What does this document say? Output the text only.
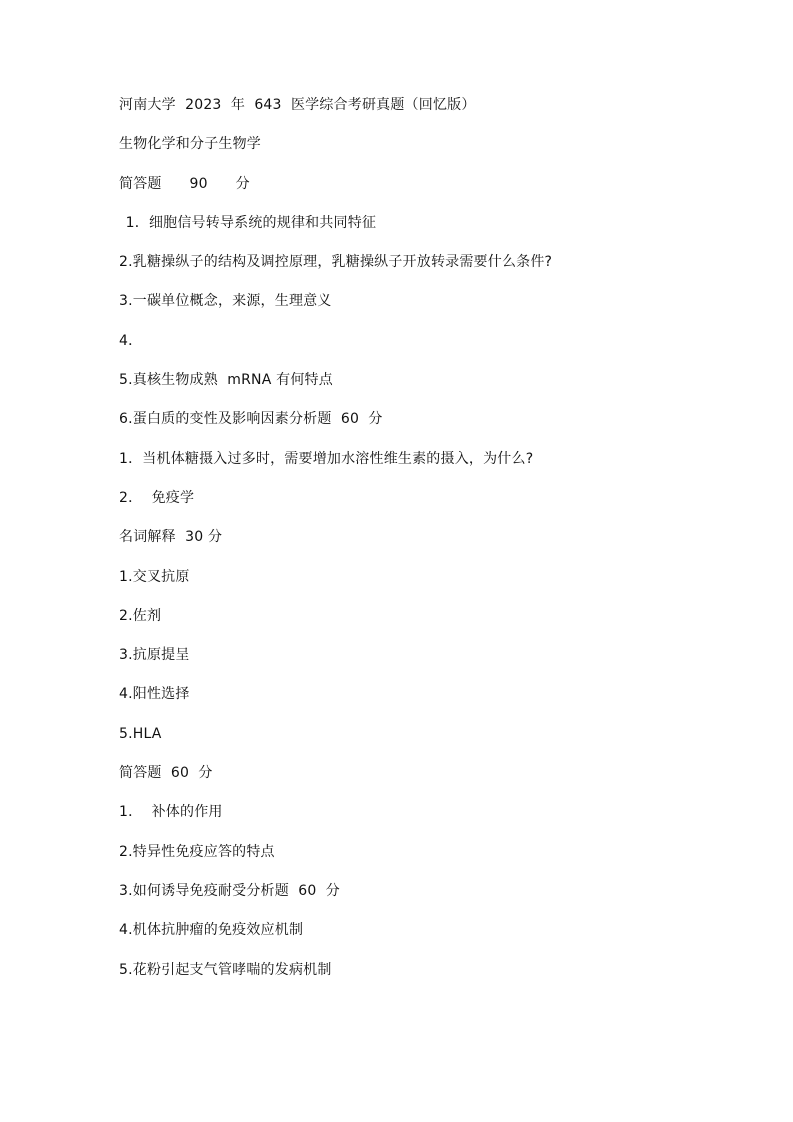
河南大学  2023  年  643  医学综合考研真题（回忆版）
生物化学和分子生物学
简答题      90      分
1．细胞信号转导系统的规律和共同特征
2.乳糖操纵子的结构及调控原理，乳糖操纵子开放转录需要什么条件?
3.一碳单位概念，来源，生理意义
4．
5.真核生物成熟  mRNA 有何特点
6.蛋白质的变性及影响因素分析题  60  分
1．当机体糖摄入过多时，需要增加水溶性维生素的摄入，为什么?
2．  免疫学
名词解释  30 分
1.交叉抗原
2.佐剂
3.抗原提呈
4.阳性选择
5.HLA
简答题  60  分
1．  补体的作用
2.特异性免疫应答的特点
3.如何诱导免疫耐受分析题  60  分
4.机体抗肿瘤的免疫效应机制
5.花粉引起支气管哮喘的发病机制
